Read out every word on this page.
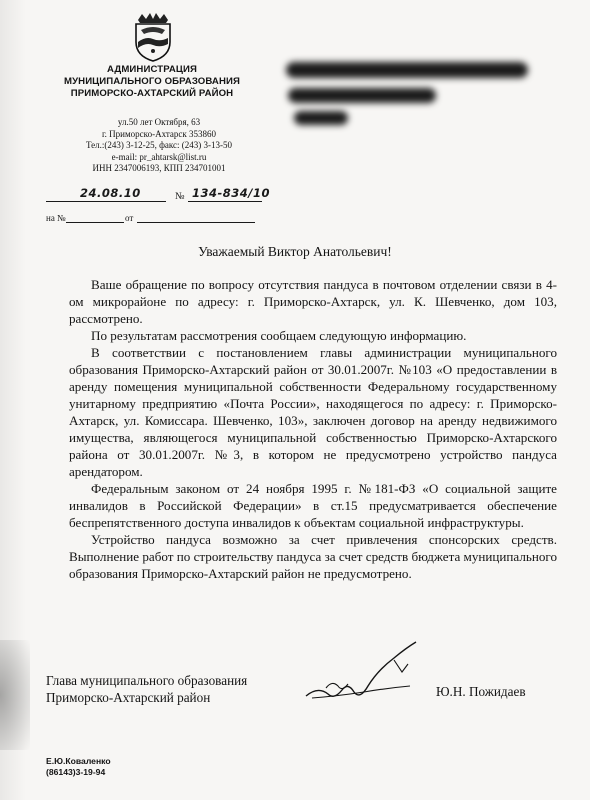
АДМИНИСТРАЦИЯ
МУНИЦИПАЛЬНОГО ОБРАЗОВАНИЯ
ПРИМОРСКО-АХТАРСКИЙ РАЙОН
ул.50 лет Октября, 63
г. Приморско-Ахтарск 353860
Тел.:(243) 3-12-25, факс: (243) 3-13-50
e-mail: pr_ahtarsk@list.ru
ИНН 2347006193, КПП 234701001
24.08.10	№ 134-834/10
на №	от
Уважаемый Виктор Анатольевич!

Ваше обращение по вопросу отсутствия пандуса в почтовом отделении связи в 4-ом микрорайоне по адресу: г. Приморско-Ахтарск, ул. К. Шевченко, дом 103, рассмотрено.

По результатам рассмотрения сообщаем следующую информацию.

В соответствии с постановлением главы администрации муниципального образования Приморско-Ахтарский район от 30.01.2007г. №103 «О предоставлении в аренду помещения муниципальной собственности Федеральному государственному унитарному предприятию «Почта России», находящегося по адресу: г. Приморско-Ахтарск, ул. Комиссара. Шевченко, 103», заключен договор на аренду недвижимого имущества, являющегося муниципальной собственностью Приморско-Ахтарского района от 30.01.2007г. №3, в котором не предусмотрено устройство пандуса арендатором.

Федеральным законом от 24 ноября 1995 г. №181-ФЗ «О социальной защите инвалидов в Российской Федерации» в ст.15 предусматривается обеспечение беспрепятственного доступа инвалидов к объектам социальной инфраструктуры.

Устройство пандуса возможно за счет привлечения спонсорских средств. Выполнение работ по строительству пандуса за счет средств бюджета муниципального образования Приморско-Ахтарский район не предусмотрено.

Глава муниципального образования
Приморско-Ахтарский район	Ю.Н. Пожидаев
Е.Ю.Коваленко
(86143)3-19-94
